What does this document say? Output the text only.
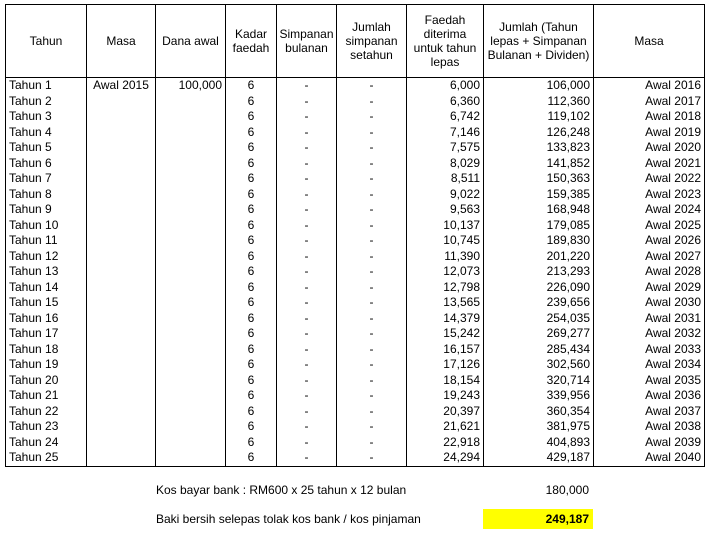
Tahun	Masa	Dana awal	Kadar faedah	Simpanan bulanan	Jumlah simpanan setahun	Faedah diterima untuk tahun lepas	Jumlah (Tahun lepas + Simpanan Bulanan + Dividen)	Masa
Tahun 1	Awal 2015	100,000	6	-	-	6,000	106,000	Awal 2016
Tahun 2			6	-	-	6,360	112,360	Awal 2017
Tahun 3			6	-	-	6,742	119,102	Awal 2018
Tahun 4			6	-	-	7,146	126,248	Awal 2019
Tahun 5			6	-	-	7,575	133,823	Awal 2020
Tahun 6			6	-	-	8,029	141,852	Awal 2021
Tahun 7			6	-	-	8,511	150,363	Awal 2022
Tahun 8			6	-	-	9,022	159,385	Awal 2023
Tahun 9			6	-	-	9,563	168,948	Awal 2024
Tahun 10			6	-	-	10,137	179,085	Awal 2025
Tahun 11			6	-	-	10,745	189,830	Awal 2026
Tahun 12			6	-	-	11,390	201,220	Awal 2027
Tahun 13			6	-	-	12,073	213,293	Awal 2028
Tahun 14			6	-	-	12,798	226,090	Awal 2029
Tahun 15			6	-	-	13,565	239,656	Awal 2030
Tahun 16			6	-	-	14,379	254,035	Awal 2031
Tahun 17			6	-	-	15,242	269,277	Awal 2032
Tahun 18			6	-	-	16,157	285,434	Awal 2033
Tahun 19			6	-	-	17,126	302,560	Awal 2034
Tahun 20			6	-	-	18,154	320,714	Awal 2035
Tahun 21			6	-	-	19,243	339,956	Awal 2036
Tahun 22			6	-	-	20,397	360,354	Awal 2037
Tahun 23			6	-	-	21,621	381,975	Awal 2038
Tahun 24			6	-	-	22,918	404,893	Awal 2039
Tahun 25			6	-	-	24,294	429,187	Awal 2040
Kos bayar bank : RM600 x 25 tahun x 12 bulan	180,000
Baki bersih selepas tolak kos bank / kos pinjaman	249,187
